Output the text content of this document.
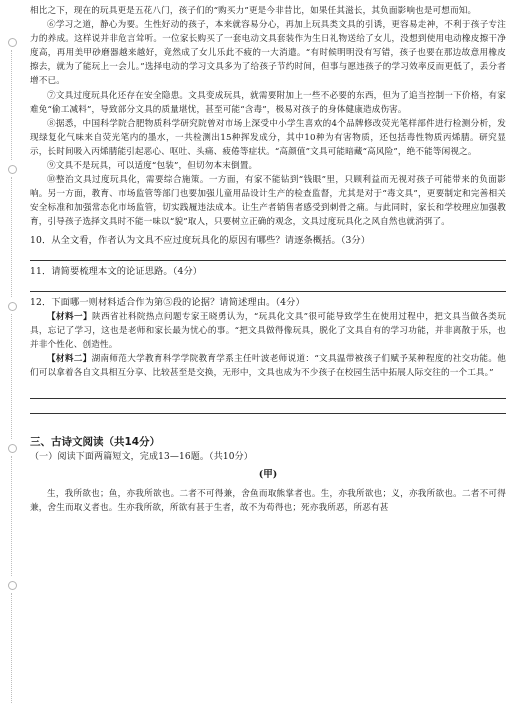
相比之下，现在的玩具更是五花八门，孩子们的“购买力”更是今非昔比，如果任其滋长，其负面影响也是可想而知。

⑥学习之道，静心为要。生性好动的孩子，本来就容易分心，再加上玩具类文具的引诱，更容易走神，不利于孩子专注力的养成。这样说并非危言耸听。一位家长购买了一套电动文具套装作为生日礼物送给了女儿，没想到使用电动橡皮擦干净度高，再用美甲砂磨器越来越好，竟然成了女儿乐此不疲的一大消遣。“有时候明明没有写错，孩子也要在那边故意用橡皮擦去，就为了能玩上一会儿。”选择电动的学习文具多为了给孩子节约时间，但事与愿违孩子的学习效率反而更低了，丢分者增不已。

⑦文具过度玩具化还存在安全隐患。文具变成玩具，就需要附加上一些不必要的东西，但为了追当控制一下价格，有家难免“偷工减料”，导致部分文具的质量堪忧，甚至可能“含毒”，极易对孩子的身体健康造成伤害。

⑧据悉，中国科学院合肥物质科学研究院曾对市场上深受中小学生喜欢的4个品牌修改荧光笔样部件进行检测分析，发现绿复化气味来自荧光笔内的墨水，一共检测出15种挥发成分，其中10种为有害物质，还包括毒性物质丙烯腈。研究显示，长时间吸入丙烯腈能引起恶心、呕吐、头痛、疲倦等症状。“高颜值”文具可能暗藏“高风险”，绝不能等闲视之。

⑨文具不是玩具，可以适度“包装”，但切勿本末倒置。

⑩整治文具过度玩具化，需要综合施策。一方面，有家不能钻到“钱眼”里，只顾利益而无视对孩子可能带来的负面影响。另一方面，教育、市场监管等部门也要加强儿童用品设计生产的检查监督，尤其是对于“毒文具”，更要制定和完善相关安全标准和加强常态化市场监管，切实践履违法成本。让生产者销售者感受到刺骨之痛。与此同时，家长和学校理应加强教育，引导孩子选择文具时不能一味以“貌”取人，只要树立正确的观念，文具过度玩具化之风自然也就消弭了。

10．从全文看，作者认为文具不应过度玩具化的原因有哪些？请逐条概括。（3分）

11．请简要梳理本文的论证思路。（4分）

12．下面哪一则材料适合作为第⑤段的论据？请简述理由。（4分）

【材料一】陕西省社科院热点问题专家王晓勇认为，“玩具化文具”很可能导致学生在使用过程中，把文具当做各类玩具，忘记了学习，这也是老师和家长最为忧心的事。“把文具做得像玩具，脱化了文具自有的学习功能，并非离散于乐，也并非个性化、创造性。

【材料二】湖南师范大学教育科学学院教育学系主任叶波老师说道：“文具温带被孩子们赋予某种程度的社交功能。他们可以拿着各自文具相互分享、比较甚至是交换，无形中，文具也成为不少孩子在校园生活中拓展人际交往的一个工具。”

三、古诗文阅读（共14分）

（一）阅读下面两篇短文，完成13—16题。（共10分）

(甲)

生，我所欲也；鱼，亦我所欲也。二者不可得兼，舍鱼而取熊掌者也。生，亦我所欲也；义，亦我所欲也。二者不可得兼，舍生而取义者也。生亦我所欲，所欲有甚于生者，故不为苟得也；死亦我所恶，所恶有甚
